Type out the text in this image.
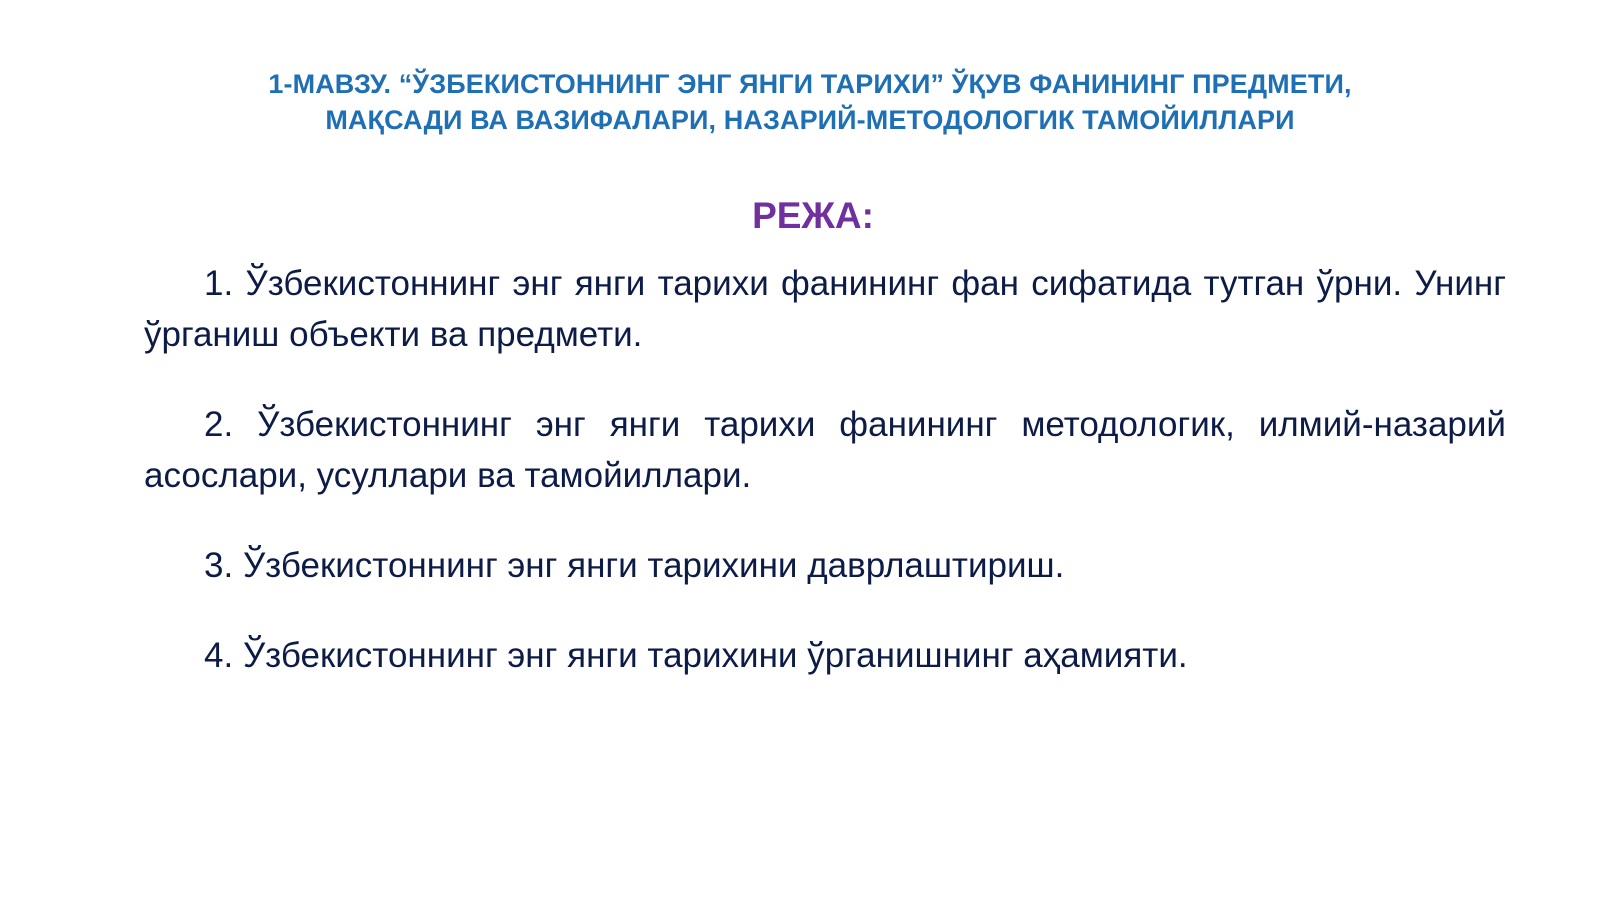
1-МАВЗУ. “ЎЗБЕКИСТОННИНГ ЭНГ ЯНГИ ТАРИХИ” ЎҚУВ ФАНИНИНГ ПРЕДМЕТИ,
МАҚСАДИ ВА ВАЗИФАЛАРИ, НАЗАРИЙ-МЕТОДОЛОГИК ТАМОЙИЛЛАРИ
РЕЖА:

1. Ўзбекистоннинг энг янги тарихи фанининг фан сифатида тутган ўрни. Унинг ўрганиш объекти ва предмети.

2. Ўзбекистоннинг энг янги тарихи фанининг методологик, илмий-назарий асослари, усуллари ва тамойиллари.

3. Ўзбекистоннинг энг янги тарихини даврлаштириш.

4. Ўзбекистоннинг энг янги тарихини ўрганишнинг аҳамияти.
